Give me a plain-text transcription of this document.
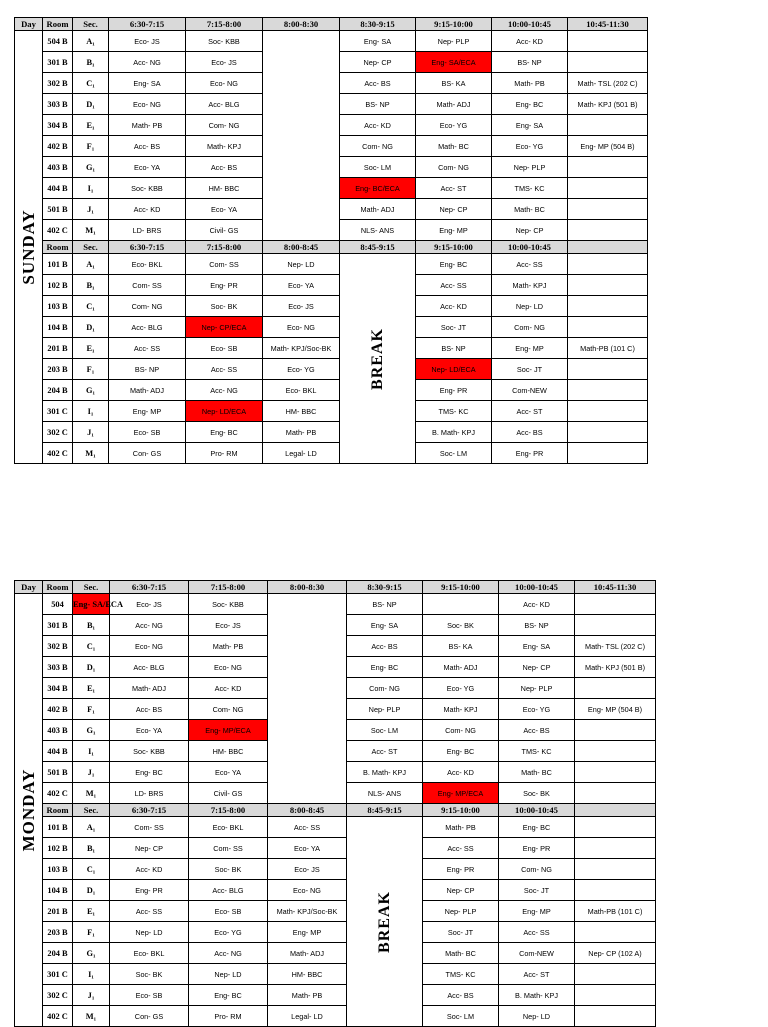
Day	Room	Sec.	6:30-7:15	7:15-8:00	8:00-8:30	8:30-9:15	9:15-10:00	10:00-10:45	10:45-11:30

SUNDAY	504 B	A₁	Eco- JS	Soc- KBB		Eng- SA	Nep- PLP	Acc- KD	
	301 B	B₁	Acc- NG	Eco- JS		Nep- CP	Eng- SA/ECA	BS- NP	
	302 B	C₁	Eng- SA	Eco- NG		Acc- BS	BS- KA	Math- PB	Math- TSL (202 C)
	303 B	D₁	Eco- NG	Acc- BLG		BS- NP	Math- ADJ	Eng- BC	Math- KPJ (501 B)
	304 B	E₁	Math- PB	Com- NG		Acc- KD	Eco- YG	Eng- SA	
	402 B	F₁	Acc- BS	Math- KPJ		Com- NG	Math- BC	Eco- YG	Eng- MP (504 B)
	403 B	G₁	Eco- YA	Acc- BS		Soc- LM	Com- NG	Nep- PLP	
	404 B	I₁	Soc- KBB	HM- BBC		Eng- BC/ECA	Acc- ST	TMS- KC	
	501 B	J₁	Acc- KD	Eco- YA		Math- ADJ	Nep- CP	Math- BC	
	402 C	M₁	LD- BRS	Civil- GS		NLS- ANS	Eng- MP	Nep- CP	
	Room	Sec.	6:30-7:15	7:15-8:00	8:00-8:45	8:45-9:15	9:15-10:00	10:00-10:45	
	101 B	A₁	Eco- BKL	Com- SS	Nep- LD	BREAK	Eng- BC	Acc- SS	
	102 B	B₁	Com- SS	Eng- PR	Eco- YA		Acc- SS	Math- KPJ	
	103 B	C₁	Com- NG	Soc- BK	Eco- JS		Acc- KD	Nep- LD	
	104 B	D₁	Acc- BLG	Nep- CP/ECA	Eco- NG		Soc- JT	Com- NG	
	201 B	E₁	Acc- SS	Eco- SB	Math- KPJ/Soc-BK		BS- NP	Eng- MP	Math-PB (101 C)
	203 B	F₁	BS- NP	Acc- SS	Eco- YG		Nep- LD/ECA	Soc- JT	
	204 B	G₁	Math- ADJ	Acc- NG	Eco- BKL		Eng- PR	Com-NEW	
	301 C	I₁	Eng- MP	Nep- LD/ECA	HM- BBC		TMS- KC	Acc- ST	
	302 C	J₁	Eco- SB	Eng- BC	Math- PB		B. Math- KPJ	Acc- BS	
	402 C	M₁	Con- GS	Pro- RM	Legal- LD		Soc- LM	Eng- PR	
Day	Room	Sec.	6:30-7:15	7:15-8:00	8:00-8:30	8:30-9:15	9:15-10:00	10:00-10:45	10:45-11:30

MONDAY	504	Eng- SA/ECA	Eco- JS	Soc- KBB		BS- NP		Acc- KD	
	301 B	B₁	Acc- NG	Eco- JS		Eng- SA	Soc- BK	BS- NP	
	302 B	C₁	Eco- NG	Math- PB		Acc- BS	BS- KA	Eng- SA	Math- TSL (202 C)
	303 B	D₁	Acc- BLG	Eco- NG		Eng- BC	Math- ADJ	Nep- CP	Math- KPJ (501 B)
	304 B	E₁	Math- ADJ	Acc- KD		Com- NG	Eco- YG	Nep- PLP	
	402 B	F₁	Acc- BS	Com- NG		Nep- PLP	Math- KPJ	Eco- YG	Eng- MP (504 B)
	403 B	G₁	Eco- YA	Eng- MP/ECA		Soc- LM	Com- NG	Acc- BS	
	404 B	I₁	Soc- KBB	HM- BBC		Acc- ST	Eng- BC	TMS- KC	
	501 B	J₁	Eng- BC	Eco- YA		B. Math- KPJ	Acc- KD	Math- BC	
	402 C	M₁	LD- BRS	Civil- GS		NLS- ANS	Eng- MP/ECA	Soc- BK	
	Room	Sec.	6:30-7:15	7:15-8:00	8:00-8:45	8:45-9:15	9:15-10:00	10:00-10:45	
	101 B	A₁	Com- SS	Eco- BKL	Acc- SS	BREAK	Math- PB	Eng- BC	
	102 B	B₁	Nep- CP	Com- SS	Eco- YA		Acc- SS	Eng- PR	
	103 B	C₁	Acc- KD	Soc- BK	Eco- JS		Eng- PR	Com- NG	
	104 B	D₁	Eng- PR	Acc- BLG	Eco- NG		Nep- CP	Soc- JT	
	201 B	E₁	Acc- SS	Eco- SB	Math- KPJ/Soc-BK		Nep- PLP	Eng- MP	Math-PB (101 C)
	203 B	F₁	Nep- LD	Eco- YG	Eng- MP		Soc- JT	Acc- SS	
	204 B	G₁	Eco- BKL	Acc- NG	Math- ADJ		Math- BC	Com-NEW	Nep- CP (102 A)
	301 C	I₁	Soc- BK	Nep- LD	HM- BBC		TMS- KC	Acc- ST	
	302 C	J₁	Eco- SB	Eng- BC	Math- PB		Acc- BS	B. Math- KPJ	
	402 C	M₁	Con- GS	Pro- RM	Legal- LD		Soc- LM	Nep- LD	
